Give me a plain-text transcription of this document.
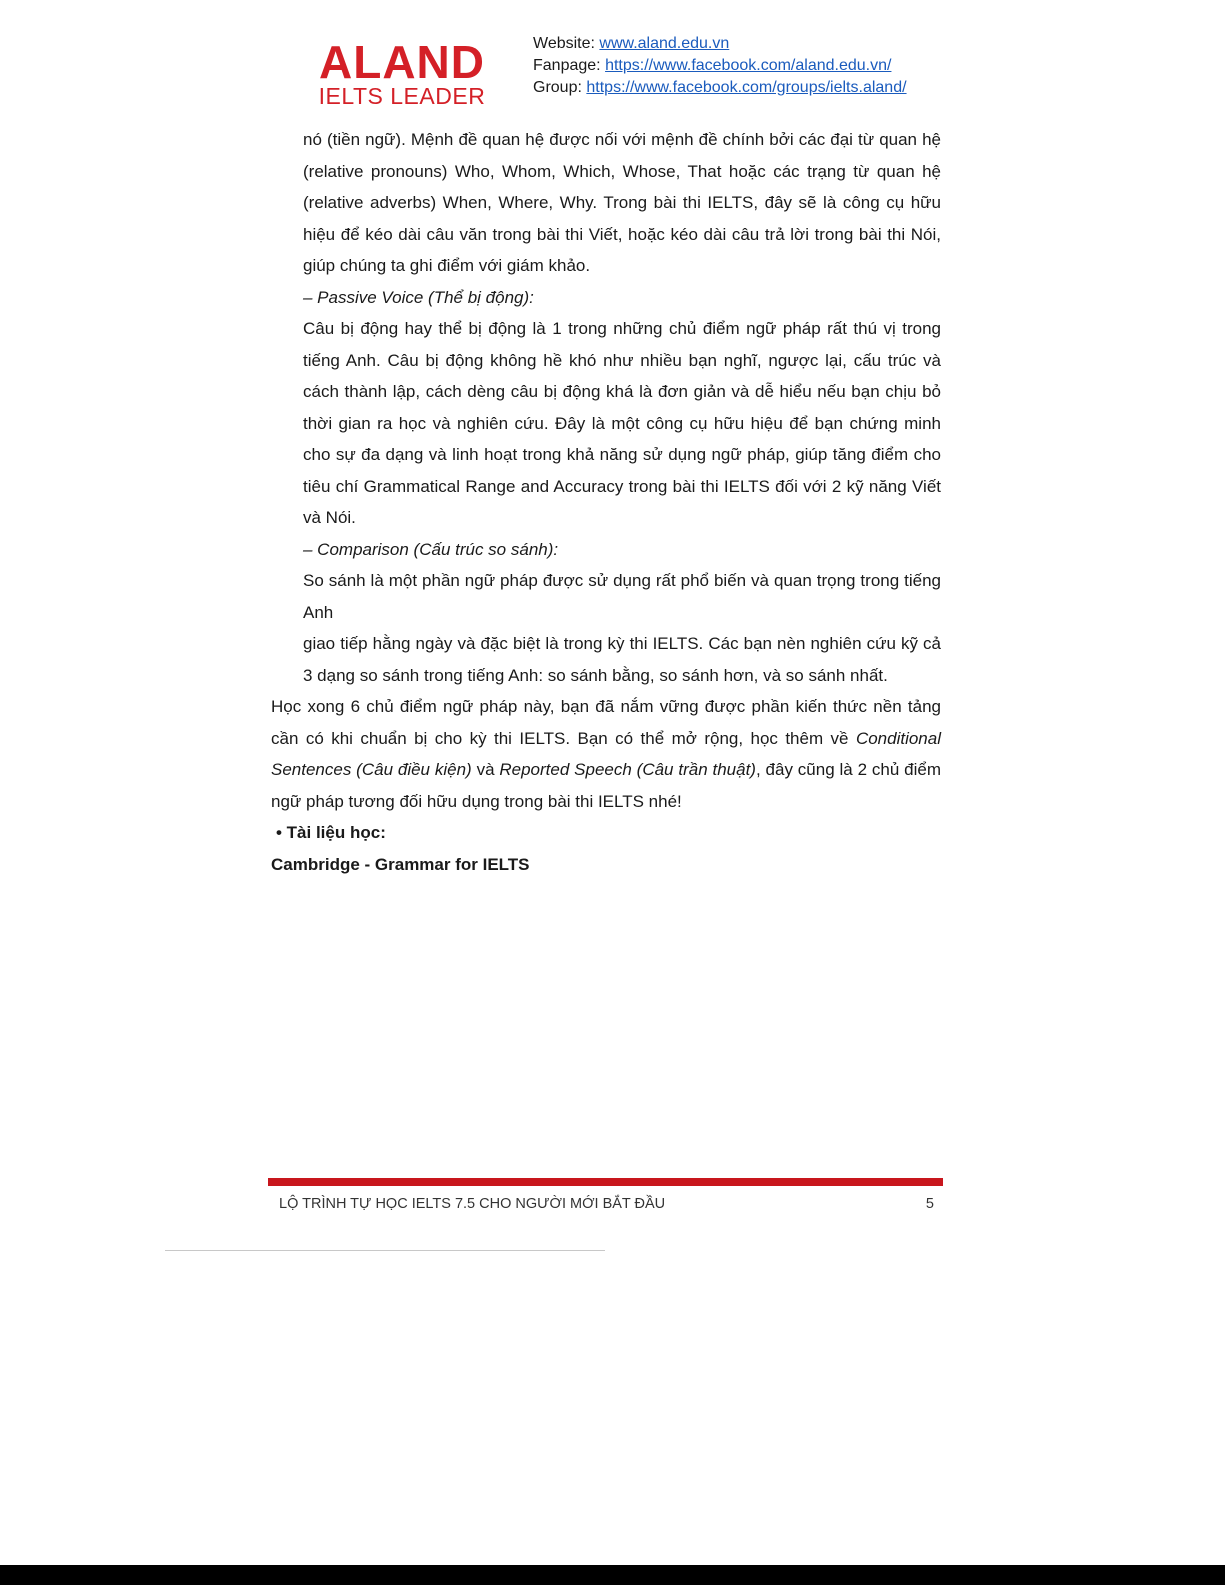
ALAND
IELTS LEADER
Website: www.aland.edu.vn
Fanpage: https://www.facebook.com/aland.edu.vn/
Group: https://www.facebook.com/groups/ielts.aland/

nó (tiền ngữ). Mệnh đề quan hệ được nối với mệnh đề chính bởi các đại từ quan hệ (relative pronouns) Who, Whom, Which, Whose, That hoặc các trạng từ quan hệ (relative adverbs) When, Where, Why. Trong bài thi IELTS, đây sẽ là công cụ hữu hiệu để kéo dài câu văn trong bài thi Viết, hoặc kéo dài câu trả lời trong bài thi Nói, giúp chúng ta ghi điểm với giám khảo.

– Passive Voice (Thể bị động):

Câu bị động hay thể bị động là 1 trong những chủ điểm ngữ pháp rất thú vị trong tiếng Anh. Câu bị động không hề khó như nhiều bạn nghĩ, ngược lại, cấu trúc và cách thành lập, cách dèng câu bị động khá là đơn giản và dễ hiểu nếu bạn chịu bỏ thời gian ra học và nghiên cứu. Đây là một công cụ hữu hiệu để bạn chứng minh cho sự đa dạng và linh hoạt trong khả năng sử dụng ngữ pháp, giúp tăng điểm cho tiêu chí Grammatical Range and Accuracy trong bài thi IELTS đối với 2 kỹ năng Viết và Nói.

– Comparison (Cấu trúc so sánh):

So sánh là một phần ngữ pháp được sử dụng rất phổ biến và quan trọng trong tiếng Anh

giao tiếp hằng ngày và đặc biệt là trong kỳ thi IELTS. Các bạn nèn nghiên cứu kỹ cả 3 dạng so sánh trong tiếng Anh: so sánh bằng, so sánh hơn, và so sánh nhất.

Học xong 6 chủ điểm ngữ pháp này, bạn đã nắm vững được phần kiến thức nền tảng cần có khi chuẩn bị cho kỳ thi IELTS. Bạn có thể mở rộng, học thêm về Conditional Sentences (Câu điều kiện) và Reported Speech (Câu trần thuật), đây cũng là 2 chủ điểm ngữ pháp tương đối hữu dụng trong bài thi IELTS nhé!

• Tài liệu học:

Cambridge - Grammar for IELTS

LỘ TRÌNH TỰ HỌC IELTS 7.5 CHO NGƯỜI MỚI BẮT ĐẦU	5
